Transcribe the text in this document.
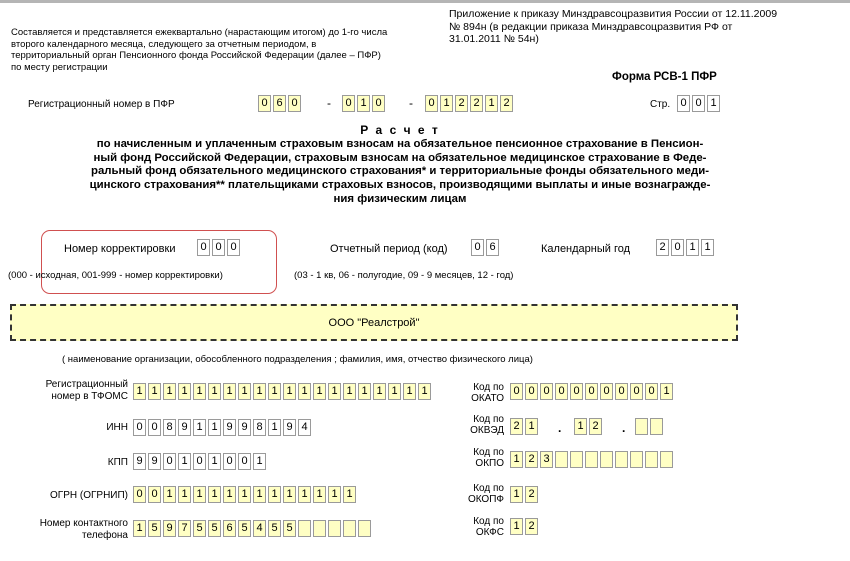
Составляется и представляется ежеквартально (нарастающим итогом) до 1-го числа второго календарного месяца, следующего за отчетным периодом, в территориальный орган Пенсионного фонда Российской Федерации (далее – ПФР) по месту регистрации
Приложение к приказу Минздравсоцразвития России от 12.11.2009 № 894н (в редакции приказа Минздравсоцразвития РФ от 31.01.2011 № 54н)
Форма РСВ-1 ПФР
Регистрационный номер в ПФР	0 6 0 -	0 1 0 -	0 1 2 2 1 2	Стр. 0 0 1
Р а с ч е т
по начисленным и уплаченным страховым взносам на обязательное пенсионное страхование в Пенсион-
ный фонд Российской Федерации, страховым взносам на обязательное медицинское страхование в Феде-
ральный фонд обязательного медицинского страхования* и территориальные фонды обязательного меди-
цинского страхования** плательщиками страховых взносов, производящими выплаты и иные вознагражде-
ния физическим лицам
Номер корректировки	0 0 0
(000 - исходная, 001-999 - номер корректировки)
Отчетный период (код)	0 6
(03 - 1 кв, 06 - полугодие, 09 - 9 месяцев, 12 - год)
Календарный год	2 0 1 1
ООО "Реалстрой"
( наименование организации, обособленного подразделения ; фамилия, имя, отчество физического лица)
Регистрационный
номер в ТФОМС 1 1 1 1 1 1 1 1 1 1 1 1 1 1 1 1 1 1 1 1
ИНН 0 0 8 9 1 1 9 9 8 1 9 4
КПП 9 9 0 1 0 1 0 0 1
ОГРН (ОГРНИП) 0 0 1 1 1 1 1 1 1 1 1 1 1 1 1
Номер контактного
телефона
1 5 9 7 5 5 6 5 4 5 5
Код по
ОКАТО
0 0 0 0 0 0 0 0 0 0 1
Код по
ОКВЭД 2 1 .	1 2 .
Код по
ОКПО 1 2 3
Код по
ОКОПФ 1 2
Код по
ОКФС
1 2
